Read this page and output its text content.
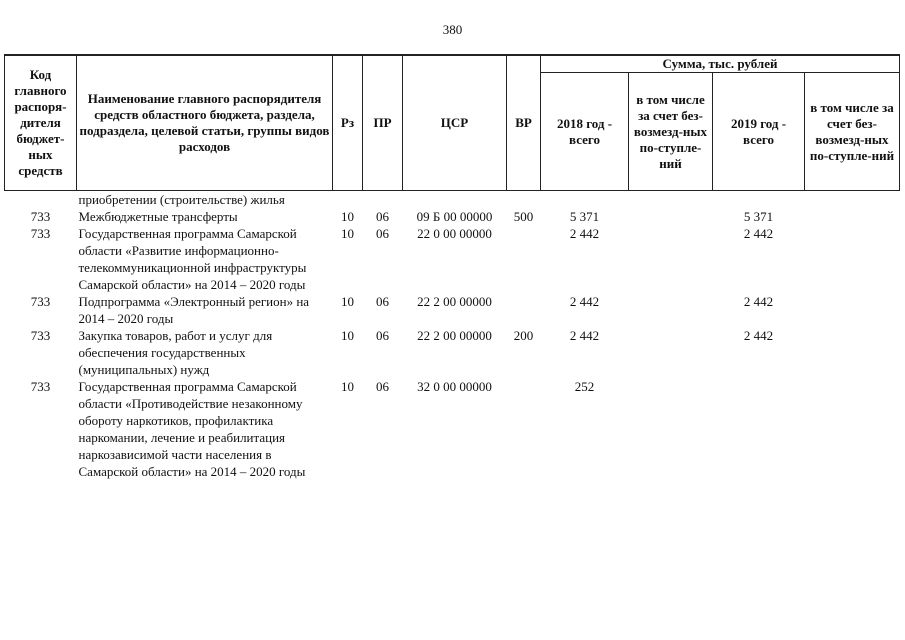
380
Код главного распоря-дителя бюджет-ных средств	Наименование главного распорядителя средств областного бюджета, раздела, подраздела, целевой статьи, группы видов расходов	Рз	ПР	ЦСР	ВР	Сумма, тыс. рублей			
						2018 год - всего	в том числе за счет без-возмезд-ных по-ступле-ний	2019 год - всего	в том числе за счет без-возмезд-ных по-ступле-ний
	приобретении (строительстве) жилья								
733	Межбюджетные трансферты	10	06	09 Б 00 00000	500	5 371		5 371	
733	Государственная программа Самарской области «Развитие информационно-телекоммуникационной инфраструктуры Самарской области» на 2014 – 2020 годы	10	06	22 0 00 00000		2 442		2 442	
733	Подпрограмма «Электронный регион» на 2014 – 2020 годы	10	06	22 2 00 00000		2 442		2 442	
733	Закупка товаров, работ и услуг для обеспечения государственных (муниципальных) нужд	10	06	22 2 00 00000	200	2 442		2 442	
733	Государственная программа Самарской области «Противодействие незаконному обороту наркотиков, профилактика наркомании, лечение и реабилитация наркозависимой части населения в Самарской области» на 2014 – 2020 годы	10	06	32 0 00 00000		252			
